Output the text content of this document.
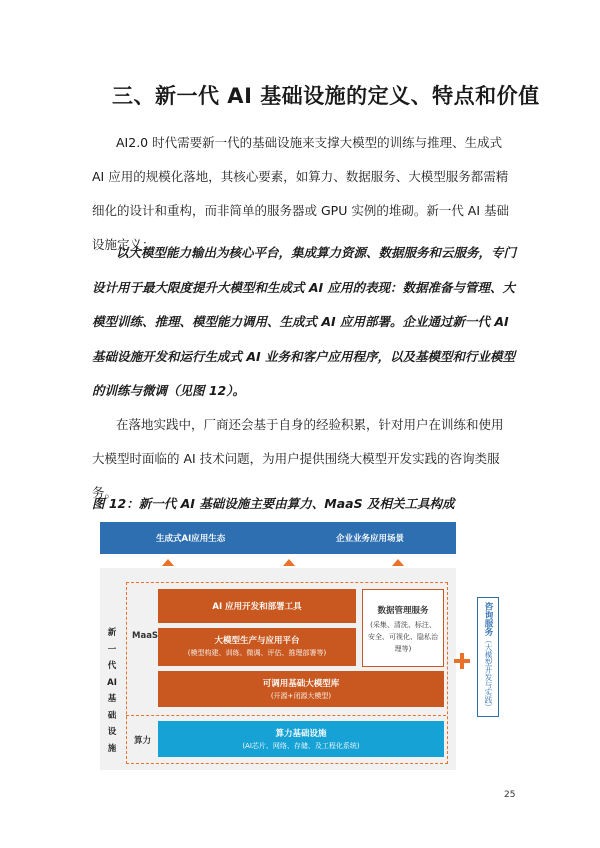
三、新一代 AI 基础设施的定义、特点和价值
AI2.0 时代需要新一代的基础设施来支撑大模型的训练与推理、生成式 AI 应用的规模化落地，其核心要素，如算力、数据服务、大模型服务都需精细化的设计和重构，而非简单的服务器或 GPU 实例的堆砌。新一代 AI 基础设施定义：
以大模型能力输出为核心平台，集成算力资源、数据服务和云服务，专门设计用于最大限度提升大模型和生成式 AI 应用的表现：数据准备与管理、大模型训练、推理、模型能力调用、生成式 AI 应用部署。企业通过新一代 AI 基础设施开发和运行生成式 AI 业务和客户应用程序，以及基模型和行业模型的训练与微调（见图 12）。
在落地实践中，厂商还会基于自身的经验积累，针对用户在训练和使用大模型时面临的 AI 技术问题，为用户提供围绕大模型开发实践的咨询类服务。
图 12：新一代 AI 基础设施主要由算力、MaaS 及相关工具构成
生成式AI应用生态	企业业务应用场景
新一代AI基础设施
MaaS
算力
AI 应用开发和部署工具
大模型生产与应用平台
(模型构建、训练、微调、评估、推理部署等)
可调用基础大模型库
(开源+闭源大模型)
数据管理服务
(采集、清洗、标注、安全、可视化、隐私治理等)
算力基础设施
(AI芯片、网络、存储、及工程化系统)
咨询服务（大模型开发与实践）
25
